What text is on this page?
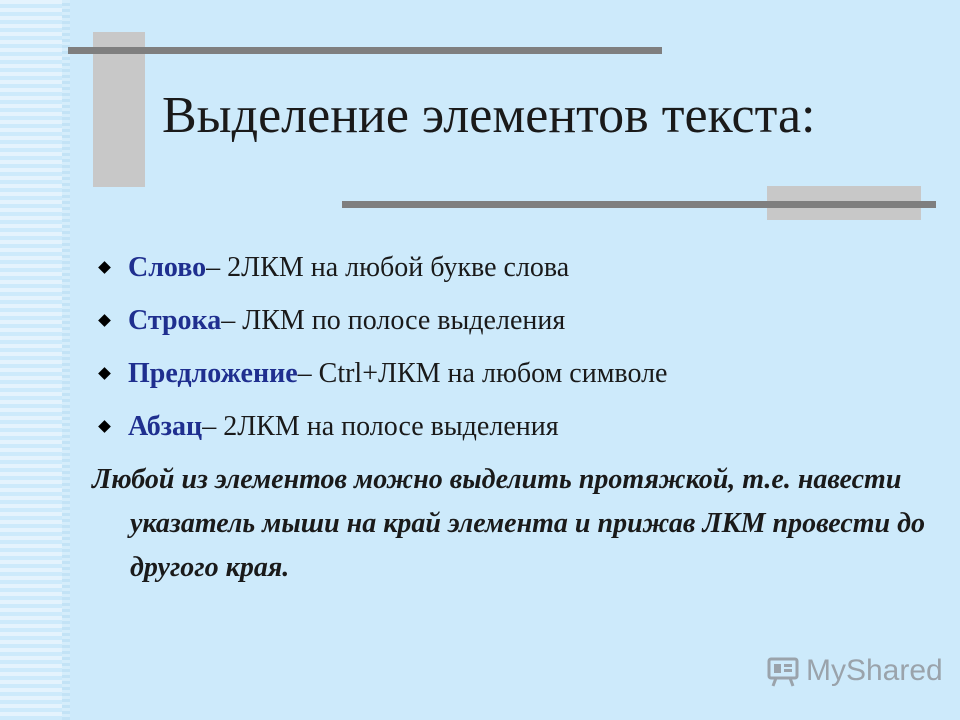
Выделение элементов текста:
Слово – 2ЛКМ на любой букве слова
Строка – ЛКМ по полосе выделения
Предложение – Ctrl+ЛКМ на любом символе
Абзац – 2ЛКМ на полосе выделения

Любой из элементов можно выделить протяжкой, т.е. навести указатель мыши на край элемента и прижав ЛКМ провести до другого края.

MyShared
